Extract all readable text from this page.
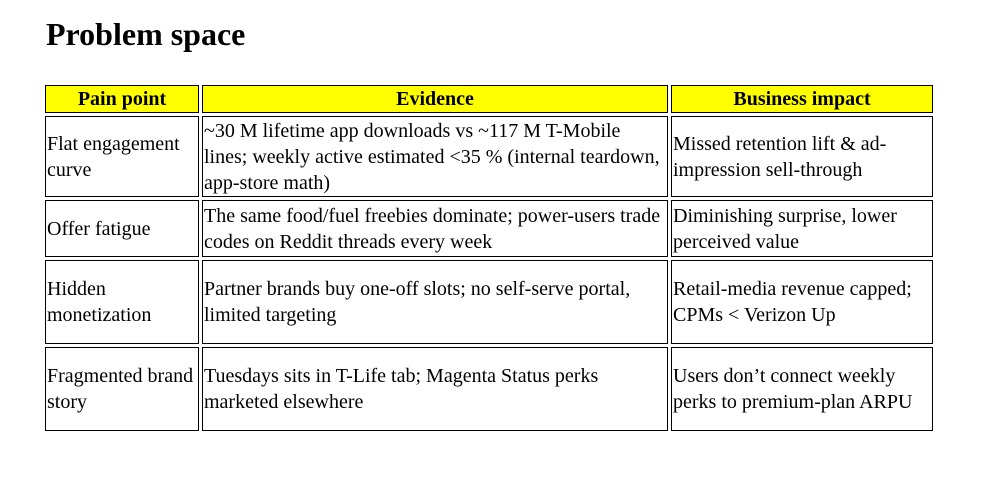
Problem space
Pain point	Evidence	Business impact
Flat engagement curve	~30 M lifetime app downloads vs ~117 M T-Mobile lines; weekly active estimated <35 % (internal teardown, app-store math)	Missed retention lift & ad-impression sell-through
Offer fatigue	The same food/fuel freebies dominate; power-users trade codes on Reddit threads every week	Diminishing surprise, lower perceived value
Hidden monetization	Partner brands buy one-off slots; no self-serve portal, limited targeting	Retail-media revenue capped; CPMs < Verizon Up
Fragmented brand story	Tuesdays sits in T-Life tab; Magenta Status perks marketed elsewhere	Users don’t connect weekly perks to premium-plan ARPU
